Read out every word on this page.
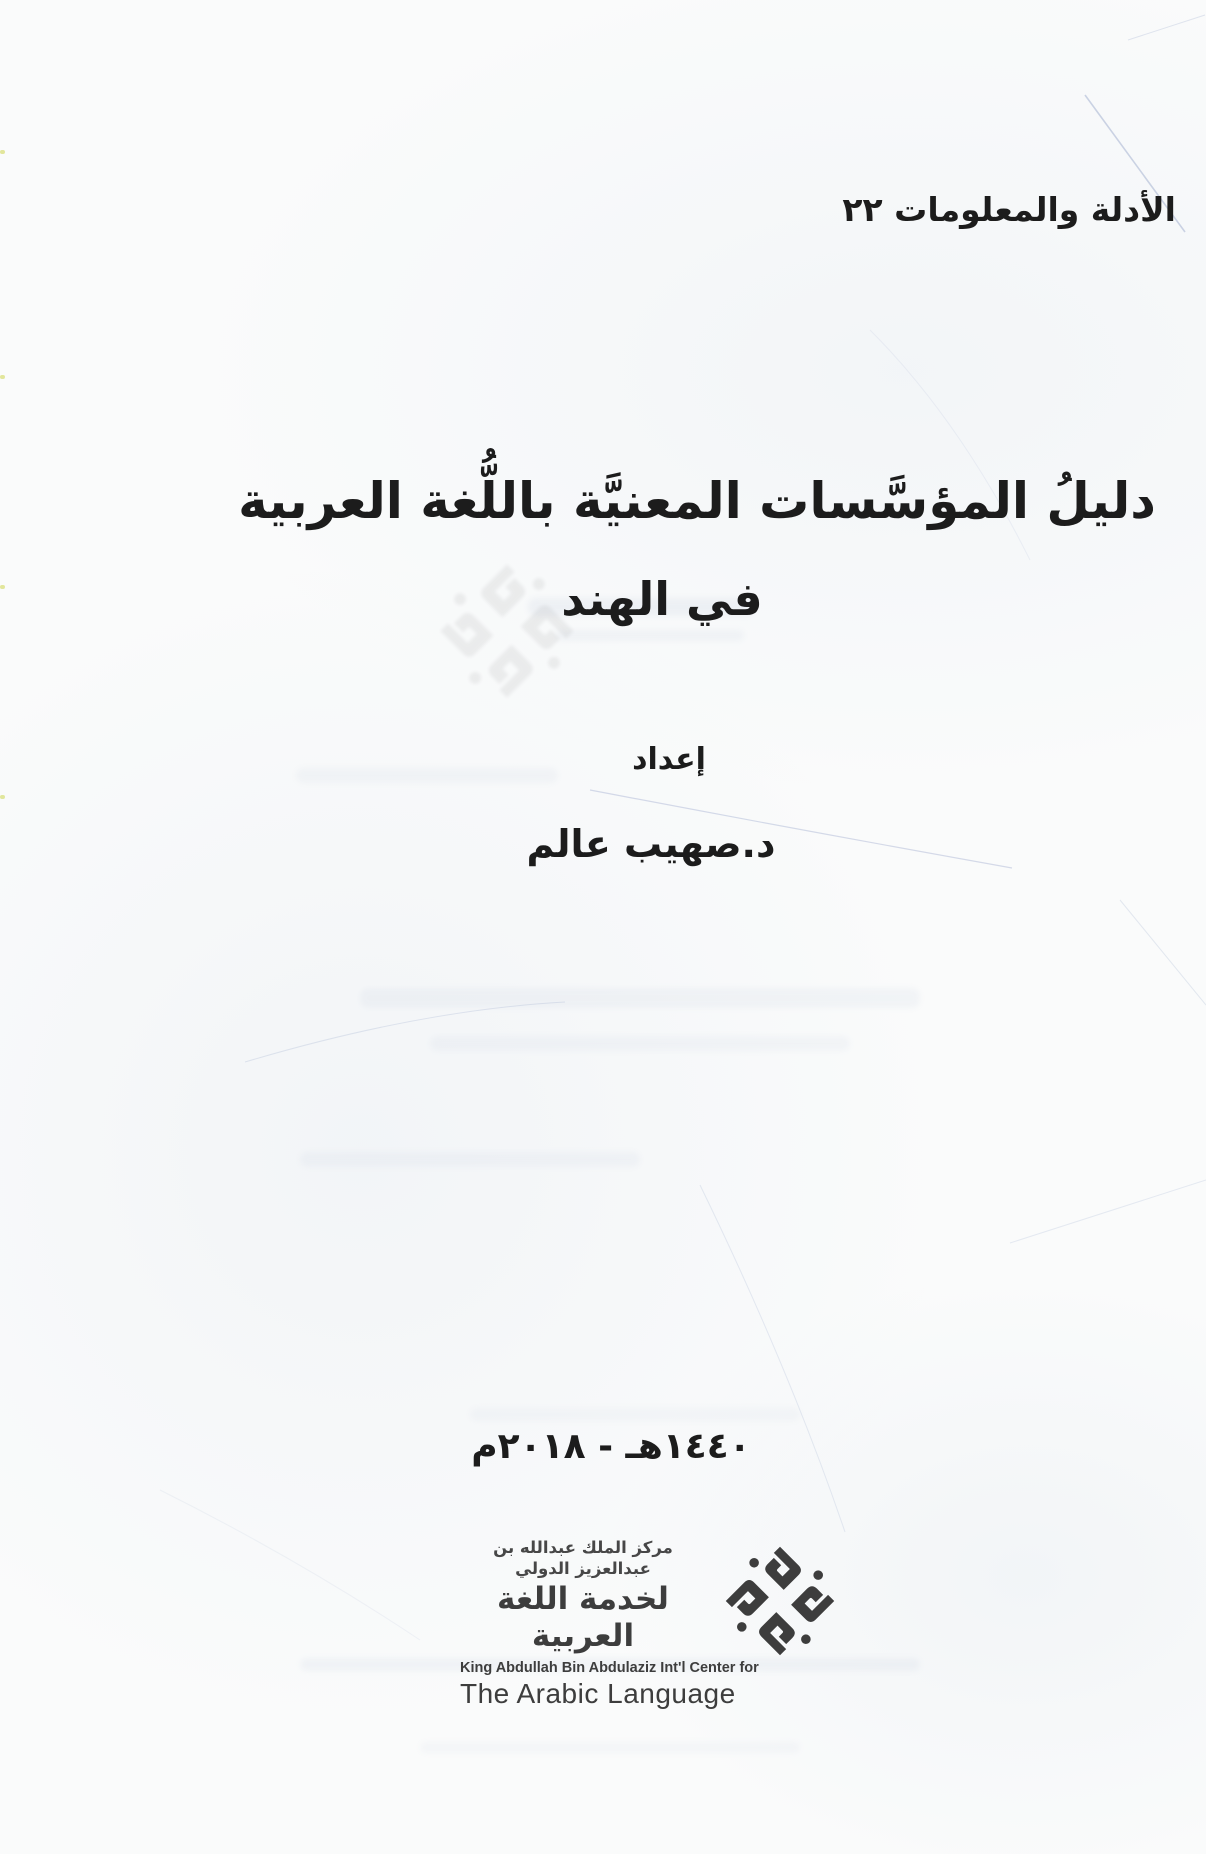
الأدلة والمعلومات ٢٢
دليلُ المؤسَّسات المعنيَّة باللُّغة العربية
في الهند
إعداد
د.صهيب عالم
١٤٤٠هـ - ٢٠١٨م
مركز الملك عبدالله بن عبدالعزيز الدولي
لخدمة اللغة العربية
King Abdullah Bin Abdulaziz Int'l Center for
The Arabic Language
